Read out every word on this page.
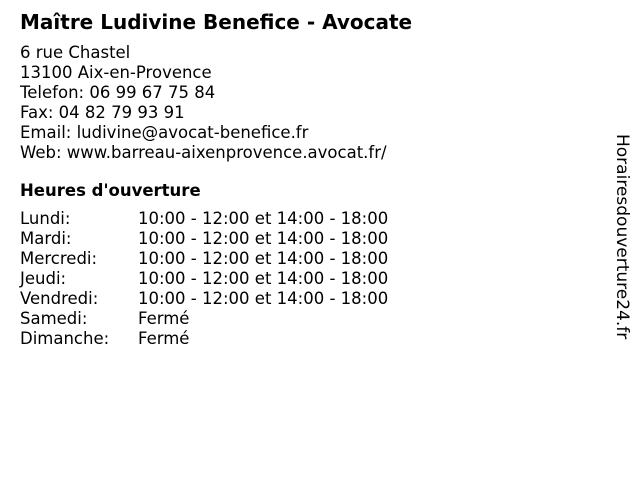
Maître Ludivine Benefice - Avocate
6 rue Chastel
13100 Aix-en-Provence
Telefon: 06 99 67 75 84
Fax: 04 82 79 93 91
Email: ludivine@avocat-benefice.fr
Web: www.barreau-aixenprovence.avocat.fr/
Heures d'ouverture
Lundi:	10:00 - 12:00 et 14:00 - 18:00
Mardi:	10:00 - 12:00 et 14:00 - 18:00
Mercredi:	10:00 - 12:00 et 14:00 - 18:00
Jeudi:	10:00 - 12:00 et 14:00 - 18:00
Vendredi:	10:00 - 12:00 et 14:00 - 18:00
Samedi:	Fermé
Dimanche:	Fermé	Horairesdouverture24.fr
